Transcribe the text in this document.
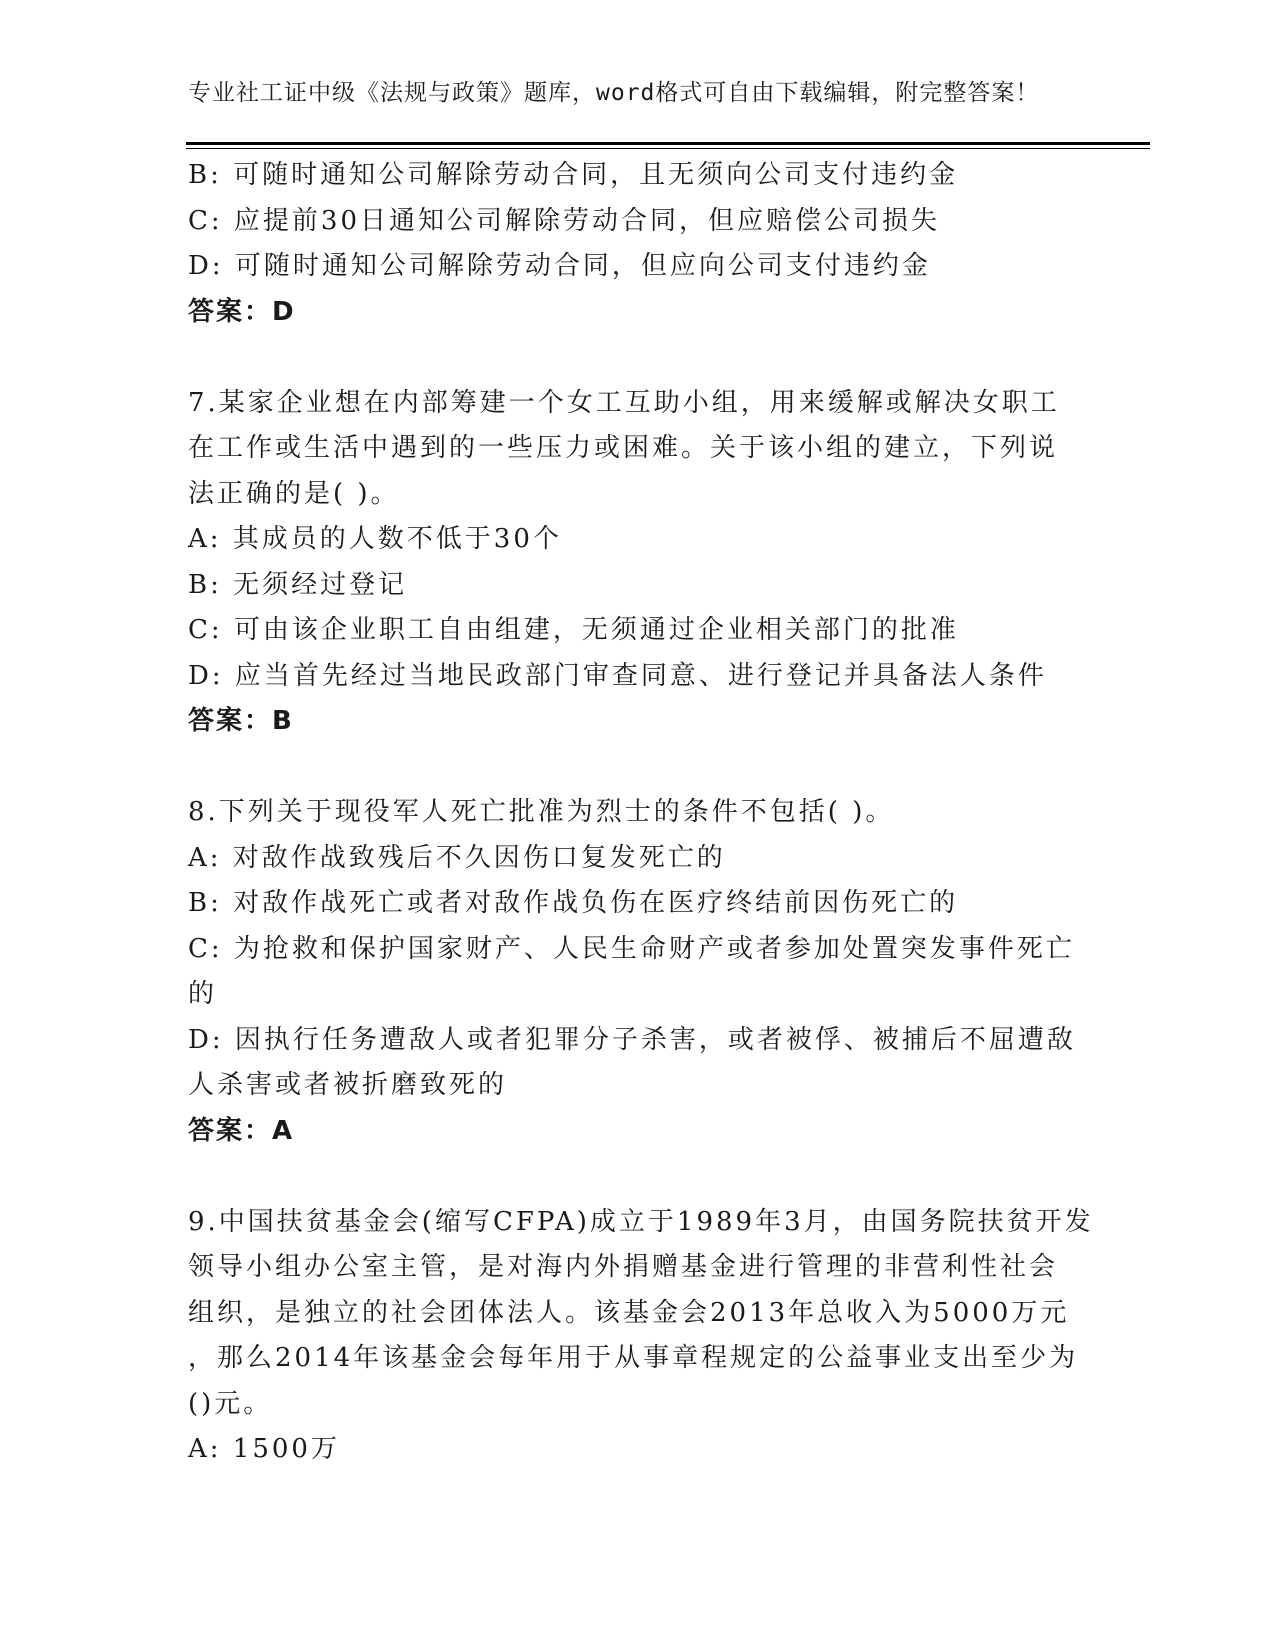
专业社工证中级《法规与政策》题库，word格式可自由下载编辑，附完整答案！
B: 可随时通知公司解除劳动合同，且无须向公司支付违约金
C: 应提前30日通知公司解除劳动合同，但应赔偿公司损失
D: 可随时通知公司解除劳动合同，但应向公司支付违约金
答案：D
7.某家企业想在内部筹建一个女工互助小组，用来缓解或解决女职工
在工作或生活中遇到的一些压力或困难。关于该小组的建立，下列说
法正确的是( )。
A: 其成员的人数不低于30个
B: 无须经过登记
C: 可由该企业职工自由组建，无须通过企业相关部门的批准
D: 应当首先经过当地民政部门审查同意、进行登记并具备法人条件
答案：B
8.下列关于现役军人死亡批准为烈士的条件不包括( )。
A: 对敌作战致残后不久因伤口复发死亡的
B: 对敌作战死亡或者对敌作战负伤在医疗终结前因伤死亡的
C: 为抢救和保护国家财产、人民生命财产或者参加处置突发事件死亡
的
D: 因执行任务遭敌人或者犯罪分子杀害，或者被俘、被捕后不屈遭敌
人杀害或者被折磨致死的
答案：A
9.中国扶贫基金会(缩写CFPA)成立于1989年3月，由国务院扶贫开发
领导小组办公室主管，是对海内外捐赠基金进行管理的非营利性社会
组织，是独立的社会团体法人。该基金会2013年总收入为5000万元
，那么2014年该基金会每年用于从事章程规定的公益事业支出至少为
()元。
A: 1500万
